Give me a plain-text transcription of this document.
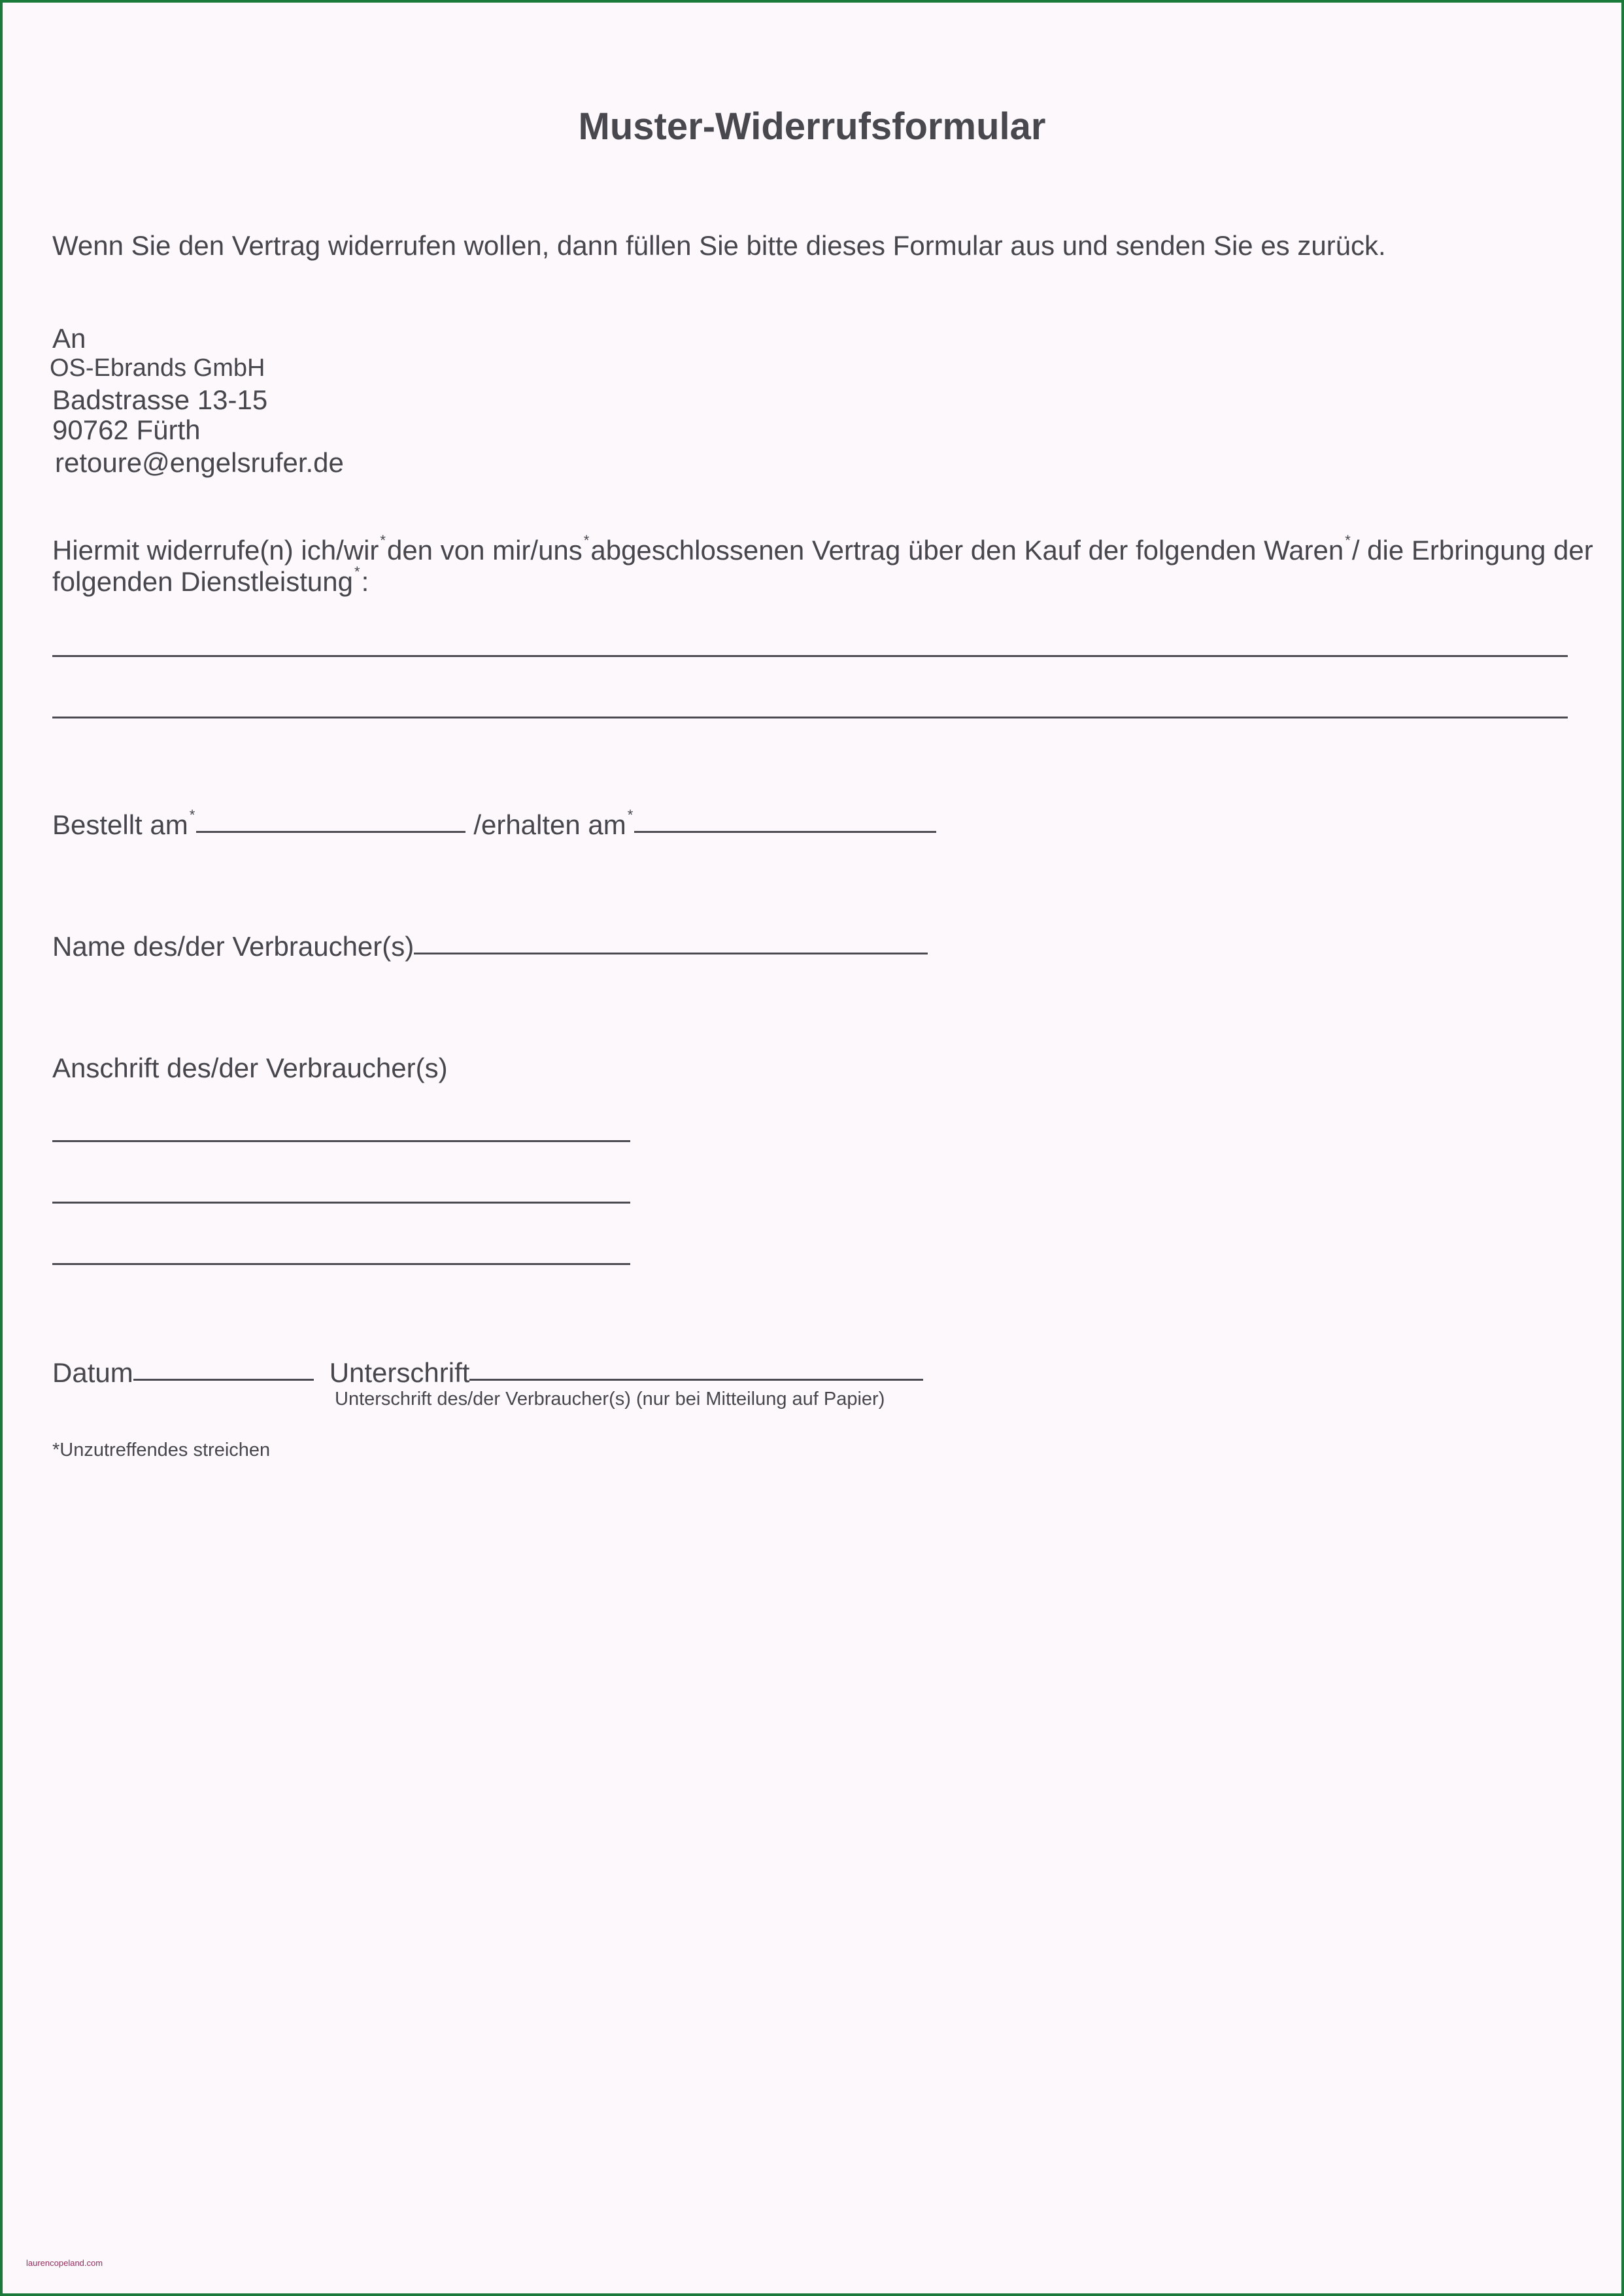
Muster-Widerrufsformular

Wenn Sie den Vertrag widerrufen wollen, dann füllen Sie bitte dieses Formular aus und senden Sie es zurück.

An

OS-Ebrands GmbH

Badstrasse 13-15

90762 Fürth

retoure@engelsrufer.de

Hiermit widerrufe(n) ich/wir*den von mir/uns*abgeschlossenen Vertrag über den Kauf der folgenden Waren*/ die Erbringung der

folgenden Dienstleistung*:

Bestellt am*	/erhalten am*

Name des/der Verbraucher(s)

Anschrift des/der Verbraucher(s)

Datum	Unterschrift

Unterschrift des/der Verbraucher(s) (nur bei Mitteilung auf Papier)

*Unzutreffendes streichen

laurencopeland.com
